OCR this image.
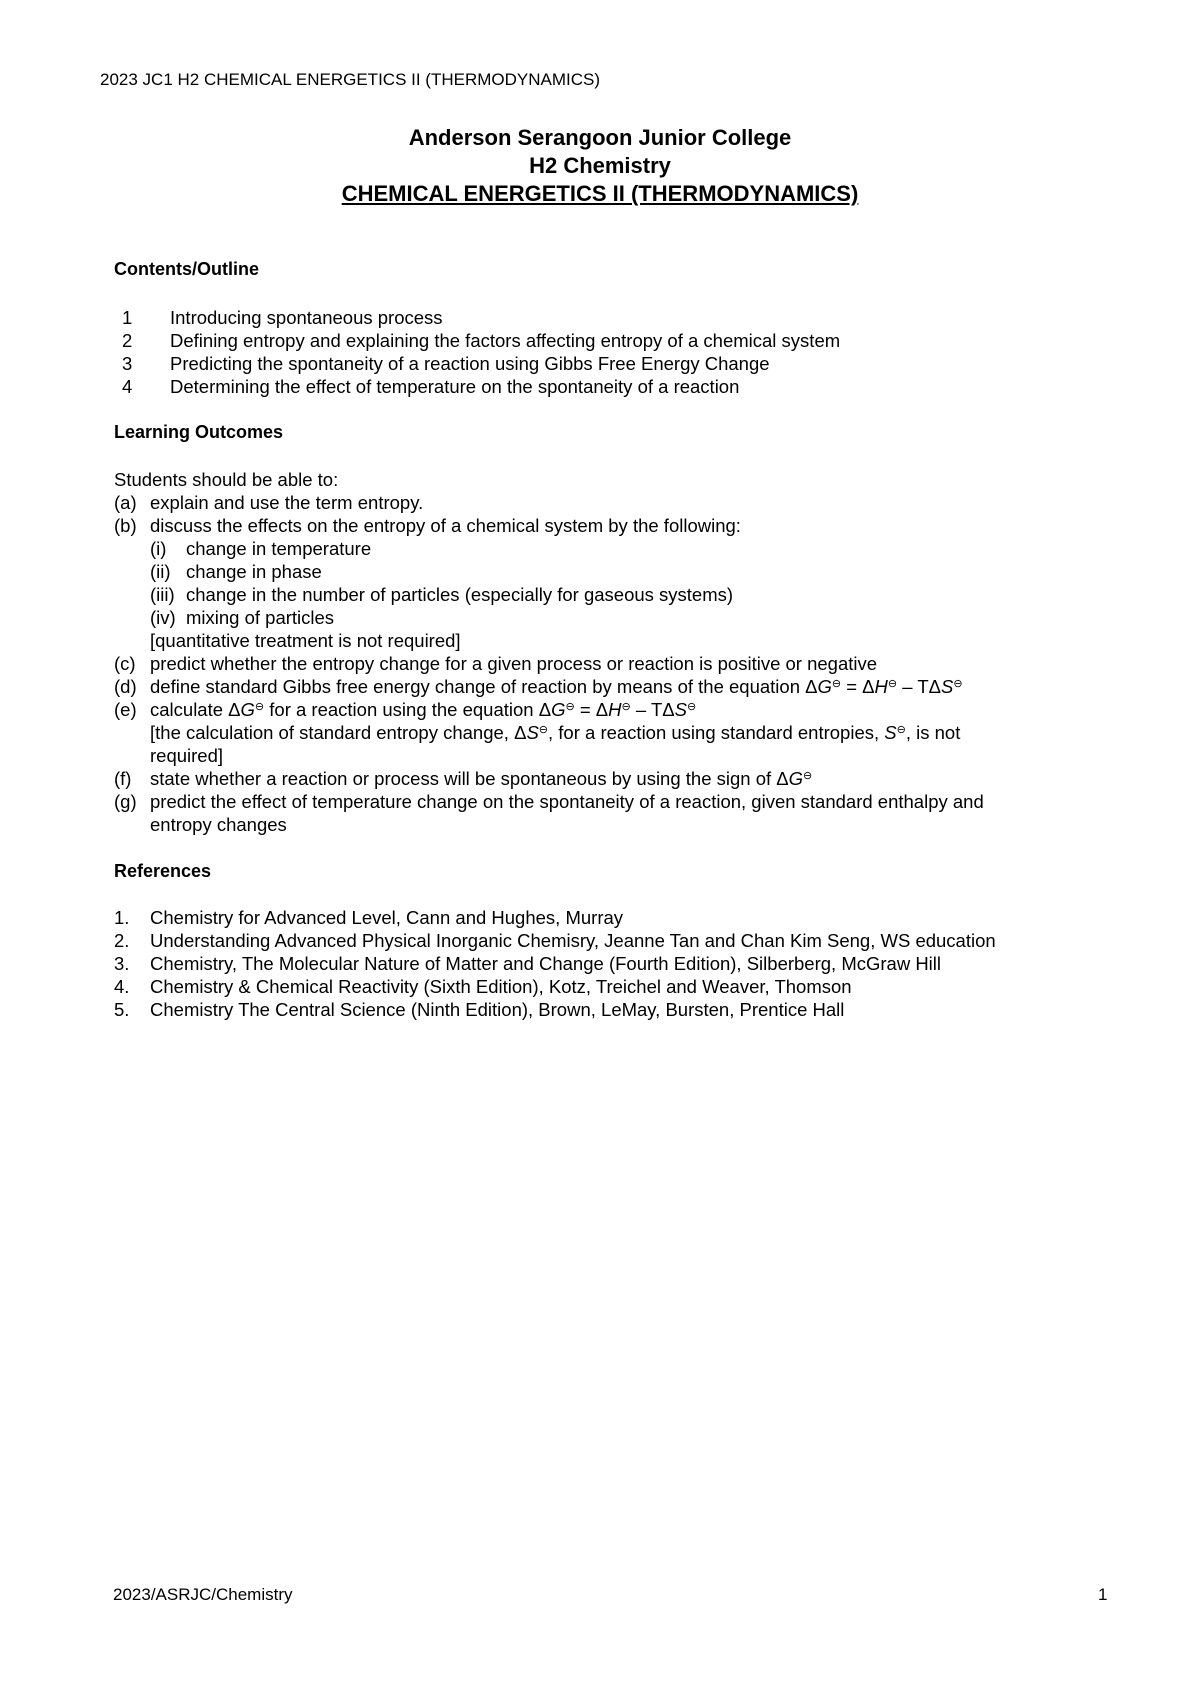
2023 JC1 H2 CHEMICAL ENERGETICS II (THERMODYNAMICS)
Anderson Serangoon Junior College
H2 Chemistry
CHEMICAL ENERGETICS II (THERMODYNAMICS)
Contents/Outline
1 Introducing spontaneous process
2 Defining entropy and explaining the factors affecting entropy of a chemical system
3 Predicting the spontaneity of a reaction using Gibbs Free Energy Change
4 Determining the effect of temperature on the spontaneity of a reaction
Learning Outcomes
Students should be able to:
(a) explain and use the term entropy.
(b) discuss the effects on the entropy of a chemical system by the following:
(i) change in temperature
(ii) change in phase
(iii) change in the number of particles (especially for gaseous systems)
(iv) mixing of particles
[quantitative treatment is not required]
(c) predict whether the entropy change for a given process or reaction is positive or negative
(d) define standard Gibbs free energy change of reaction by means of the equation ΔG⊖ = ΔH⊖ – TΔS⊖
(e) calculate ΔG⊖ for a reaction using the equation ΔG⊖ = ΔH⊖ – TΔS⊖
[the calculation of standard entropy change, ΔS⊖, for a reaction using standard entropies, S⊖, is not
required]
(f) state whether a reaction or process will be spontaneous by using the sign of ΔG⊖
(g) predict the effect of temperature change on the spontaneity of a reaction, given standard enthalpy and
entropy changes
References
1. Chemistry for Advanced Level, Cann and Hughes, Murray
2. Understanding Advanced Physical Inorganic Chemisry, Jeanne Tan and Chan Kim Seng, WS education
3. Chemistry, The Molecular Nature of Matter and Change (Fourth Edition), Silberberg, McGraw Hill
4. Chemistry & Chemical Reactivity (Sixth Edition), Kotz, Treichel and Weaver, Thomson
5. Chemistry The Central Science (Ninth Edition), Brown, LeMay, Bursten, Prentice Hall
2023/ASRJC/Chemistry	1
